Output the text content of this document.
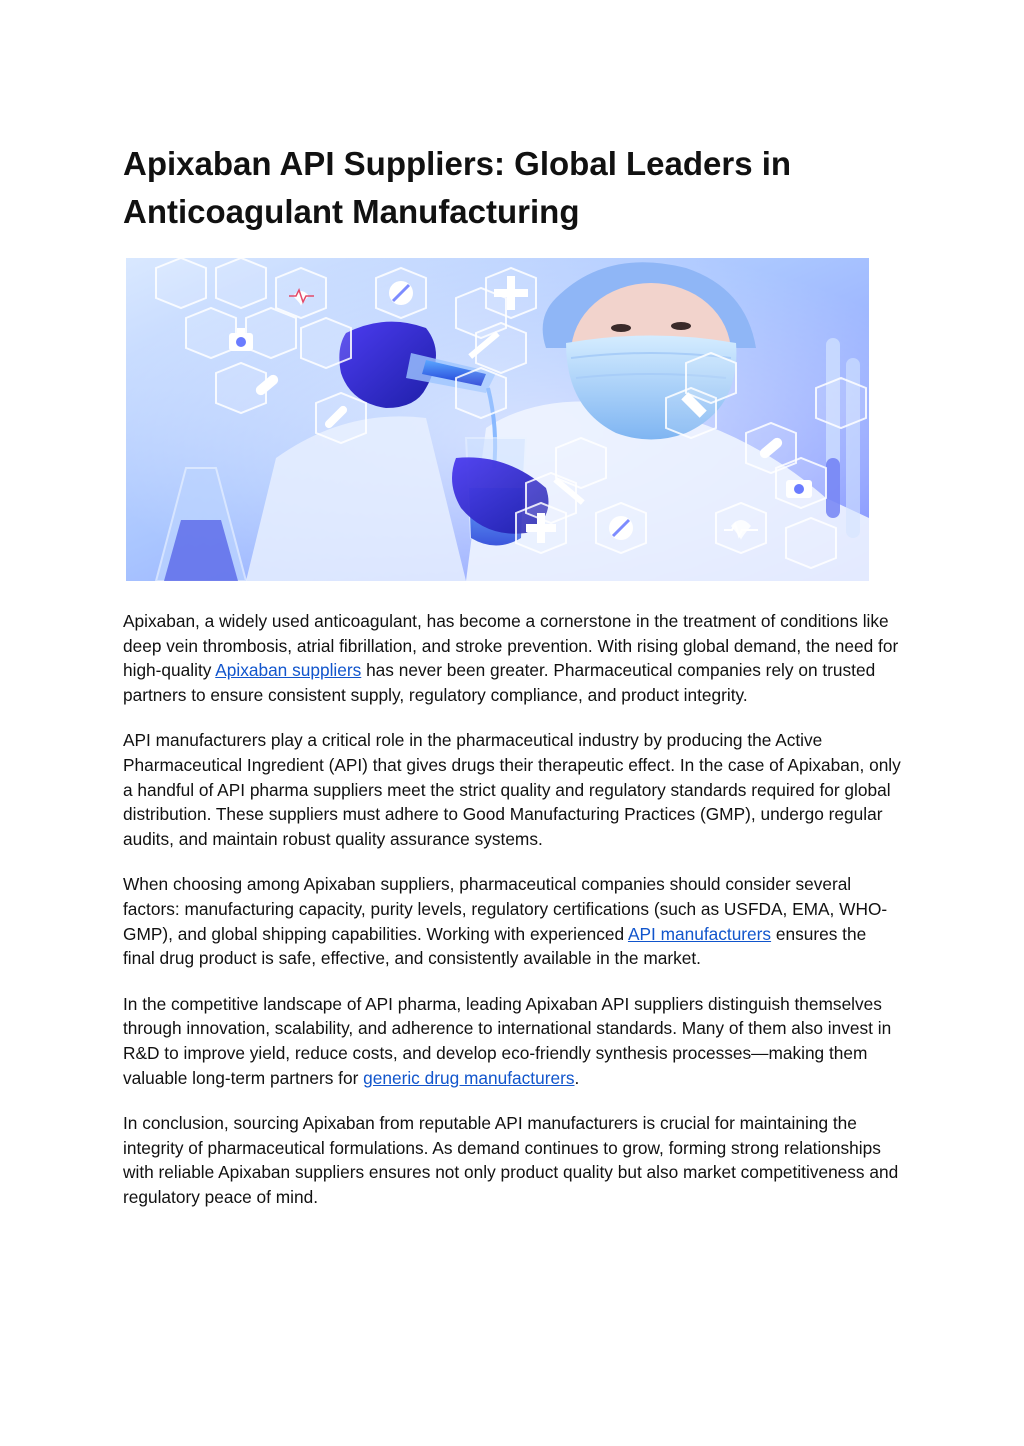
Apixaban API Suppliers: Global Leaders in Anticoagulant Manufacturing

Apixaban, a widely used anticoagulant, has become a cornerstone in the treatment of conditions like deep vein thrombosis, atrial fibrillation, and stroke prevention. With rising global demand, the need for high-quality Apixaban suppliers has never been greater. Pharmaceutical companies rely on trusted partners to ensure consistent supply, regulatory compliance, and product integrity.

API manufacturers play a critical role in the pharmaceutical industry by producing the Active Pharmaceutical Ingredient (API) that gives drugs their therapeutic effect. In the case of Apixaban, only a handful of API pharma suppliers meet the strict quality and regulatory standards required for global distribution. These suppliers must adhere to Good Manufacturing Practices (GMP), undergo regular audits, and maintain robust quality assurance systems.

When choosing among Apixaban suppliers, pharmaceutical companies should consider several factors: manufacturing capacity, purity levels, regulatory certifications (such as USFDA, EMA, WHO-GMP), and global shipping capabilities. Working with experienced API manufacturers ensures the final drug product is safe, effective, and consistently available in the market.

In the competitive landscape of API pharma, leading Apixaban API suppliers distinguish themselves through innovation, scalability, and adherence to international standards. Many of them also invest in R&D to improve yield, reduce costs, and develop eco-friendly synthesis processes—making them valuable long-term partners for generic drug manufacturers.

In conclusion, sourcing Apixaban from reputable API manufacturers is crucial for maintaining the integrity of pharmaceutical formulations. As demand continues to grow, forming strong relationships with reliable Apixaban suppliers ensures not only product quality but also market competitiveness and regulatory peace of mind.
